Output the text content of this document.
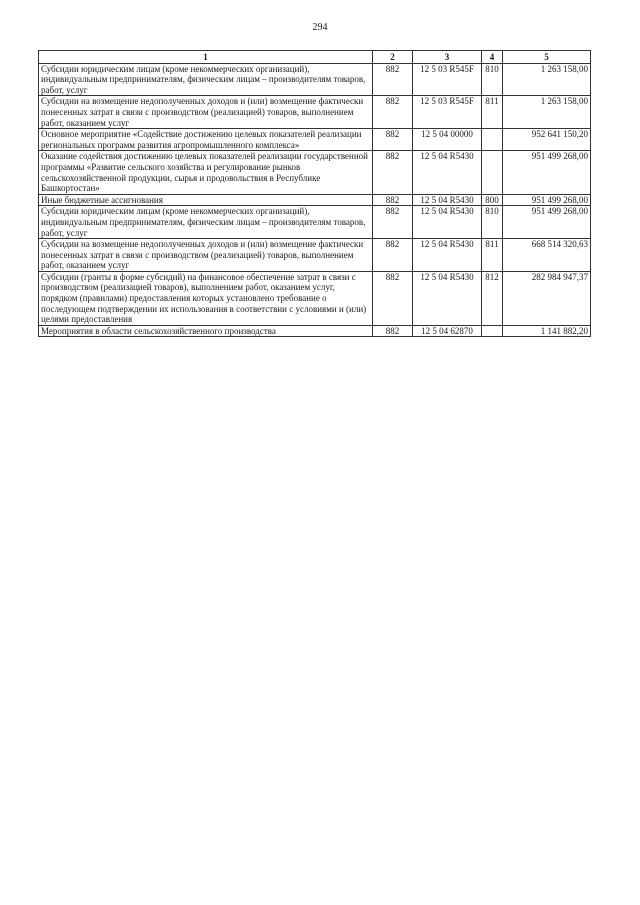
294
1	2	3	4	5
Субсидии юридическим лицам (кроме некоммерческих организаций), индивидуальным предпринимателям, физическим лицам – производителям товаров, работ, услуг	882	12 5 03 R545F	810	1 263 158,00
Субсидии на возмещение недополученных доходов и (или) возмещение фактически понесенных затрат в связи с производством (реализацией) товаров, выполнением работ, оказанием услуг	882	12 5 03 R545F	811	1 263 158,00
Основное мероприятие «Содействие достижению целевых показателей реализации региональных программ развития агропромышленного комплекса»	882	12 5 04 00000		952 641 150,20
Оказание содействия достижению целевых показателей реализации государственной программы «Развитие сельского хозяйства и регулирование рынков сельскохозяйственной продукции, сырья и продовольствия в Республике Башкортостан»	882	12 5 04 R5430		951 499 268,00
Иные бюджетные ассигнования	882	12 5 04 R5430	800	951 499 268,00
Субсидии юридическим лицам (кроме некоммерческих организаций), индивидуальным предпринимателям, физическим лицам – производителям товаров, работ, услуг	882	12 5 04 R5430	810	951 499 268,00
Субсидии на возмещение недополученных доходов и (или) возмещение фактически понесенных затрат в связи с производством (реализацией) товаров, выполнением работ, оказанием услуг	882	12 5 04 R5430	811	668 514 320,63
Субсидии (гранты в форме субсидий) на финансовое обеспечение затрат в связи с производством (реализацией товаров), выполнением работ, оказанием услуг, порядком (правилами) предоставления которых установлено требование о последующем подтверждении их использования в соответствии с условиями и (или) целями предоставления	882	12 5 04 R5430	812	282 984 947,37
Мероприятия в области сельскохозяйственного производства	882	12 5 04 62870		1 141 882,20
